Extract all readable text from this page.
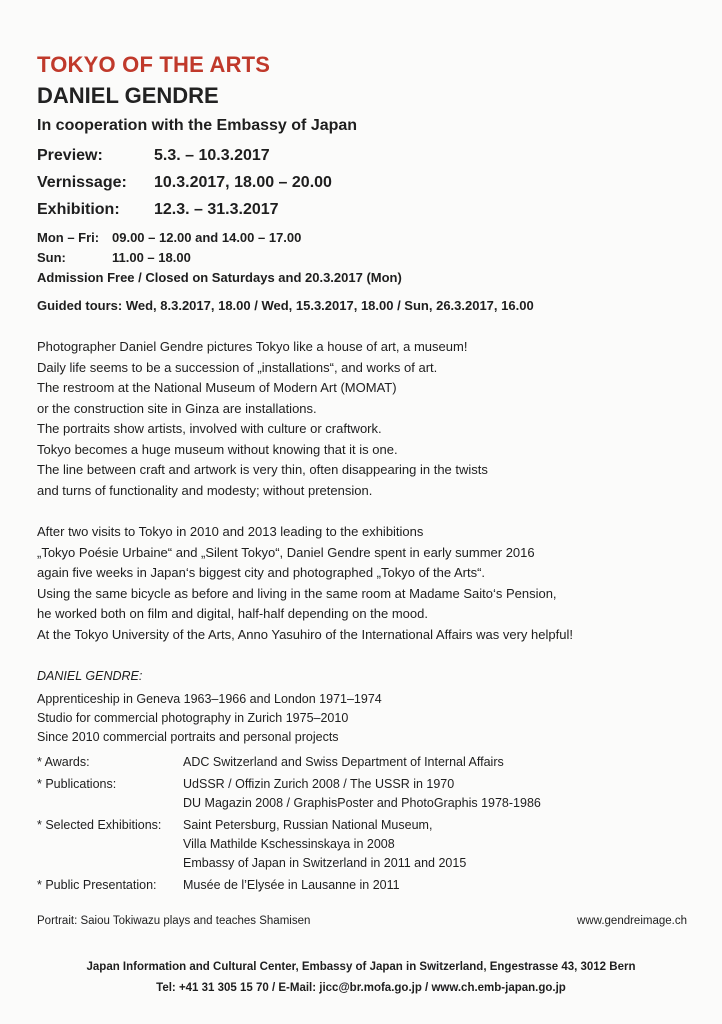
TOKYO OF THE ARTS
DANIEL GENDRE
In cooperation with the Embassy of Japan
Preview:	5.3. – 10.3.2017
Vernissage:	10.3.2017, 18.00 – 20.00
Exhibition:	12.3. – 31.3.2017
Mon – Fri: 09.00 – 12.00 and 14.00 – 17.00
Sun:	11.00 – 18.00
Admission Free / Closed on Saturdays and 20.3.2017 (Mon)
Guided tours: Wed, 8.3.2017, 18.00 / Wed, 15.3.2017, 18.00 / Sun, 26.3.2017, 16.00
Photographer Daniel Gendre pictures Tokyo like a house of art, a museum!
Daily life seems to be a succession of „installations“, and works of art.
The restroom at the National Museum of Modern Art (MOMAT)
or the construction site in Ginza are installations.
The portraits show artists, involved with culture or craftwork.
Tokyo becomes a huge museum without knowing that it is one.
The line between craft and artwork is very thin, often disappearing in the twists
and turns of functionality and modesty; without pretension.
After two visits to Tokyo in 2010 and 2013 leading to the exhibitions
„Tokyo Poésie Urbaine“ and „Silent Tokyo“, Daniel Gendre spent in early summer 2016
again five weeks in Japan‘s biggest city and photographed „Tokyo of the Arts“.
Using the same bicycle as before and living in the same room at Madame Saito‘s Pension,
he worked both on film and digital, half-half depending on the mood.
At the Tokyo University of the Arts, Anno Yasuhiro of the International Affairs was very helpful!
DANIEL GENDRE:
Apprenticeship in Geneva 1963–1966 and London 1971–1974
Studio for commercial photography in Zurich 1975–2010
Since 2010 commercial portraits and personal projects
* Awards:	ADC Switzerland and Swiss Department of Internal Affairs
* Publications:	UdSSR / Offizin Zurich 2008 / The USSR in 1970
DU Magazin 2008 / GraphisPoster and PhotoGraphis 1978-1986
* Selected Exhibitions:	Saint Petersburg, Russian National Museum,
Villa Mathilde Kschessinskaya in 2008
Embassy of Japan in Switzerland in 2011 and 2015
* Public Presentation:	Musée de l’Elysée in Lausanne in 2011
Portrait: Saiou Tokiwazu plays and teaches Shamisen	www.gendreimage.ch
Japan Information and Cultural Center, Embassy of Japan in Switzerland, Engestrasse 43, 3012 Bern
Tel: +41 31 305 15 70 / E-Mail: jicc@br.mofa.go.jp / www.ch.emb-japan.go.jp
